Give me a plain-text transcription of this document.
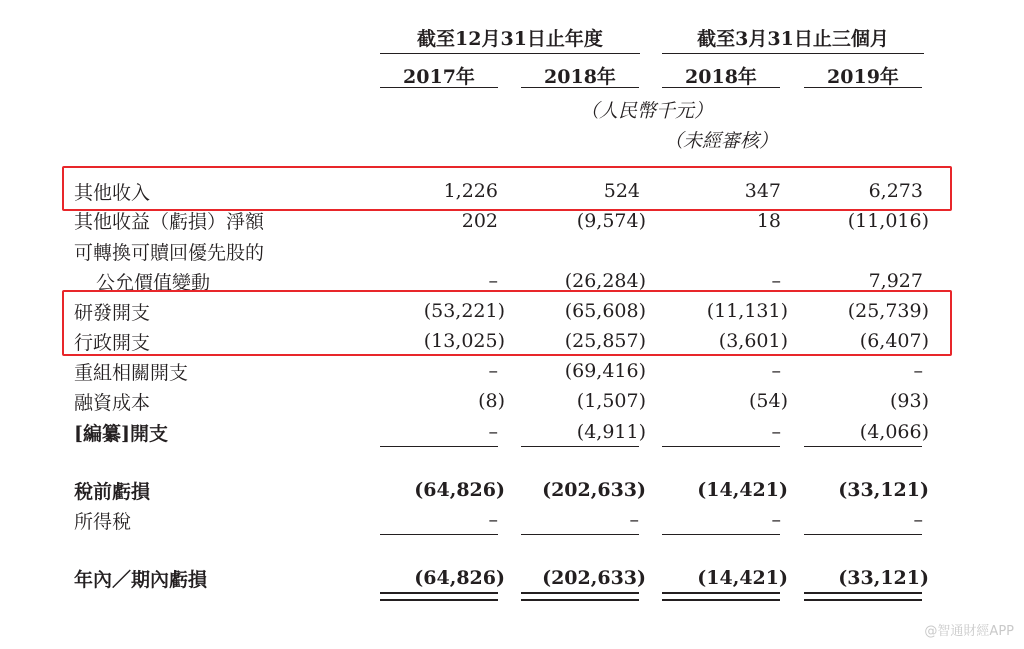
截至12月31日止年度	截至3月31日止三個月
2017年	2018年	2018年	2019年
（人民幣千元）
（未經審核）
其他收入	1,226	524	347	6,273
其他收益（虧損）淨額	202	(9,574)	18	(11,016)
可轉換可贖回優先股的
公允價值變動	–	(26,284)	–	7,927
研發開支	(53,221)	(65,608)	(11,131)	(25,739)
行政開支	(13,025)	(25,857)	(3,601)	(6,407)
重組相關開支	–	(69,416)	–	–
融資成本	(8)	(1,507)	(54)	(93)
[編纂]開支	–	(4,911)	–	(4,066)
稅前虧損	(64,826)	(202,633)	(14,421)	(33,121)
所得稅	–	–	–	–
年內／期內虧損	(64,826)	(202,633)	(14,421)	(33,121)
@智通財經APP
